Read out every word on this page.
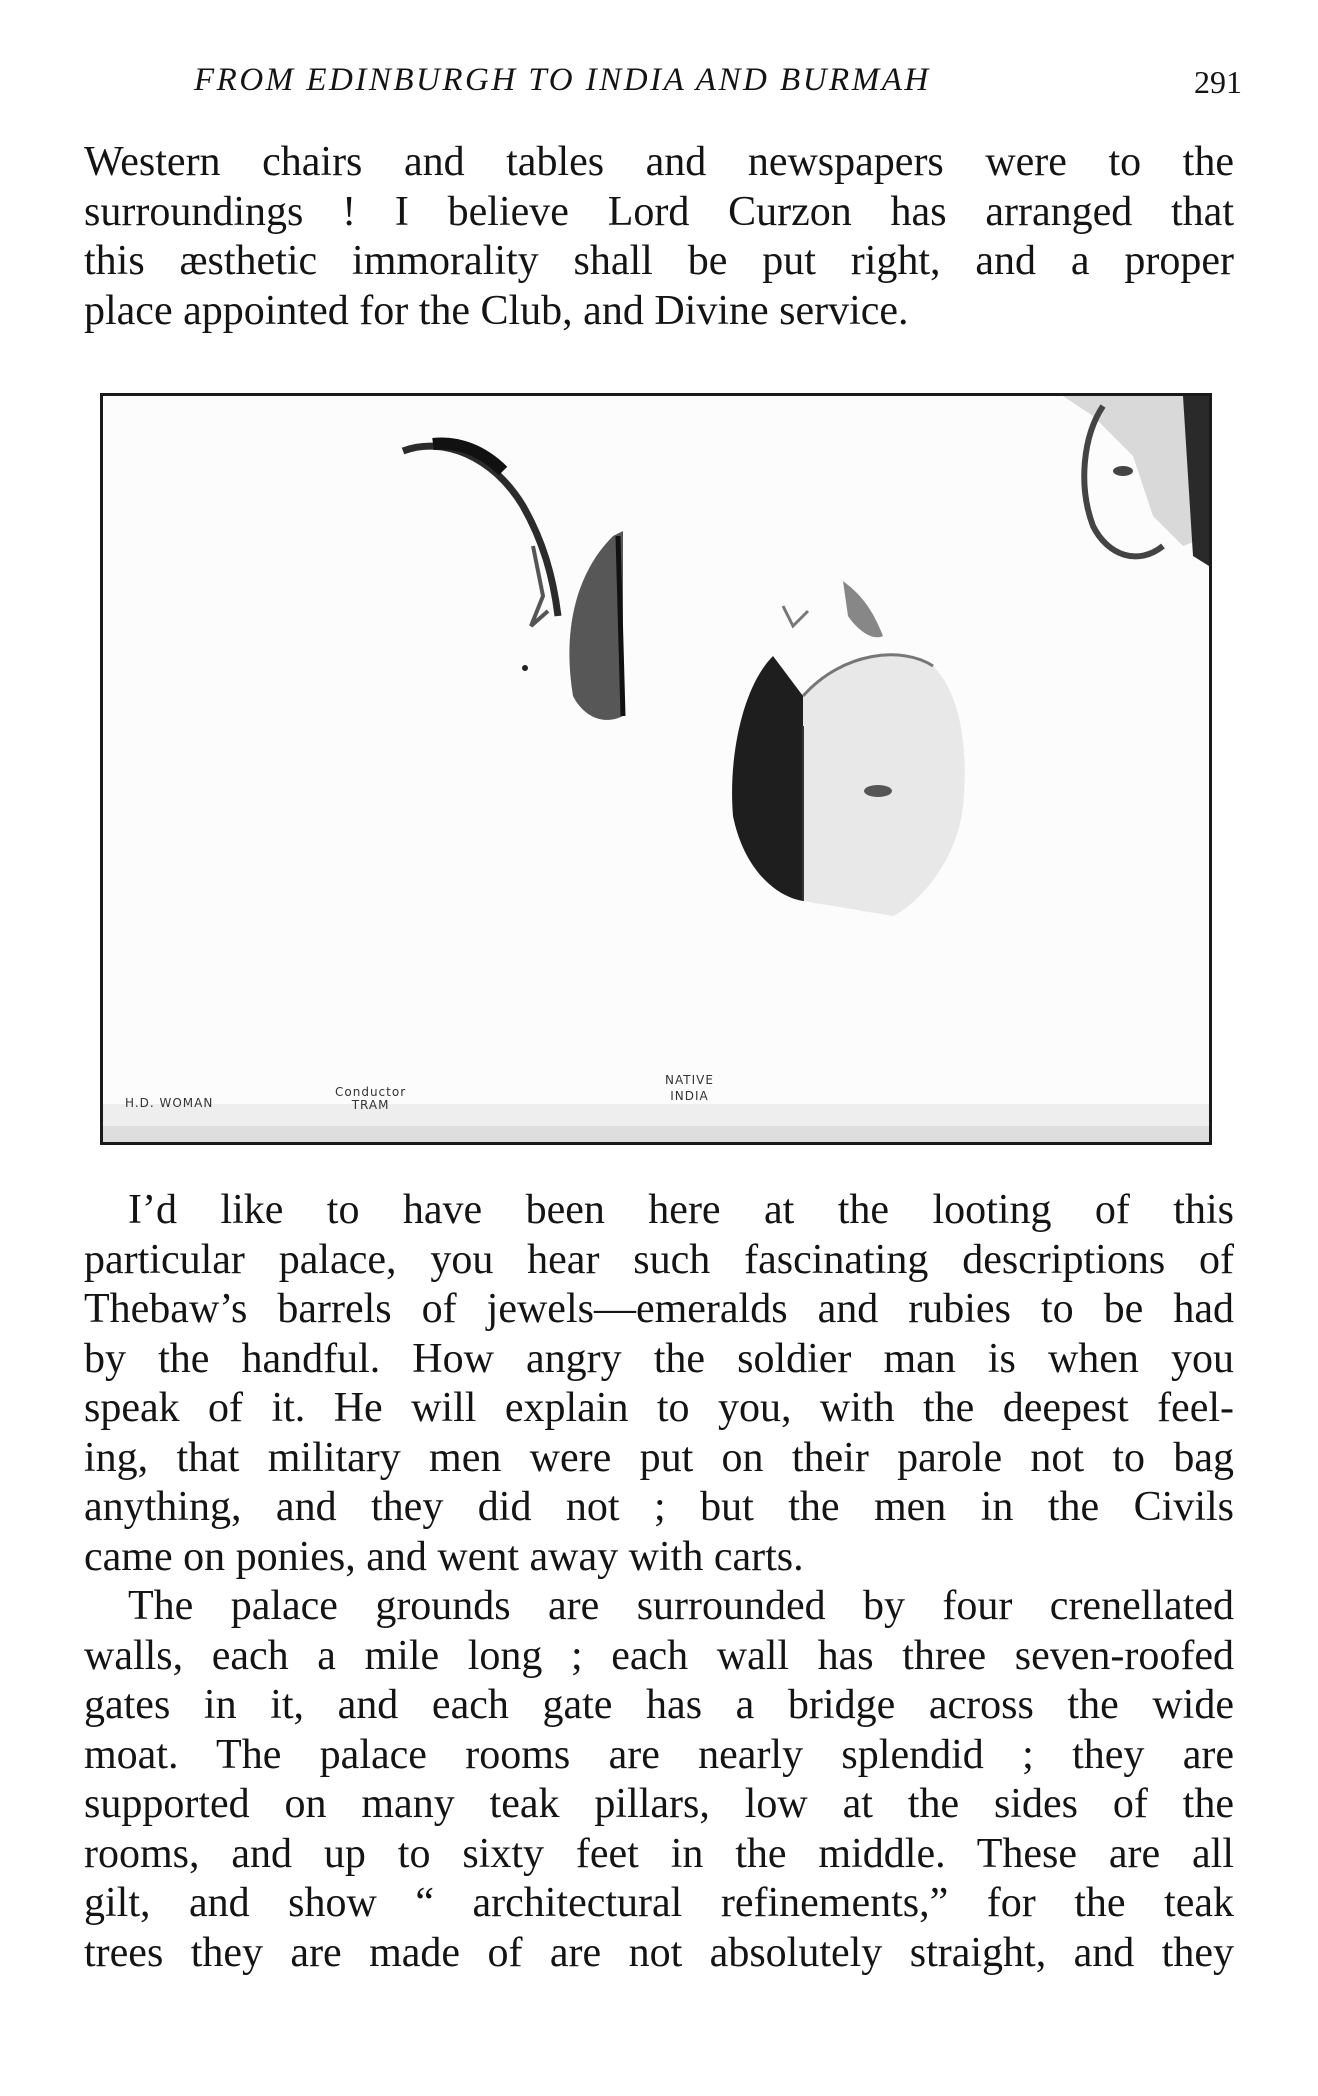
FROM EDINBURGH TO INDIA AND BURMAH	291
Western chairs and tables and newspapers were to the
surroundings ! I believe Lord Curzon has arranged that
this æsthetic immorality shall be put right, and a proper
place appointed for the Club, and Divine service.
H.D. WOMAN
Conductor
TRAM
NATIVE
INDIA
I’d like to have been here at the looting of this
particular palace, you hear such fascinating descriptions of
Thebaw’s barrels of jewels—emeralds and rubies to be had
by the handful. How angry the soldier man is when you
speak of it. He will explain to you, with the deepest feel-
ing, that military men were put on their parole not to bag
anything, and they did not ; but the men in the Civils
came on ponies, and went away with carts.
The palace grounds are surrounded by four crenellated
walls, each a mile long ; each wall has three seven-roofed
gates in it, and each gate has a bridge across the wide
moat. The palace rooms are nearly splendid ; they are
supported on many teak pillars, low at the sides of the
rooms, and up to sixty feet in the middle. These are all
gilt, and show “ architectural refinements,” for the teak
trees they are made of are not absolutely straight, and they
